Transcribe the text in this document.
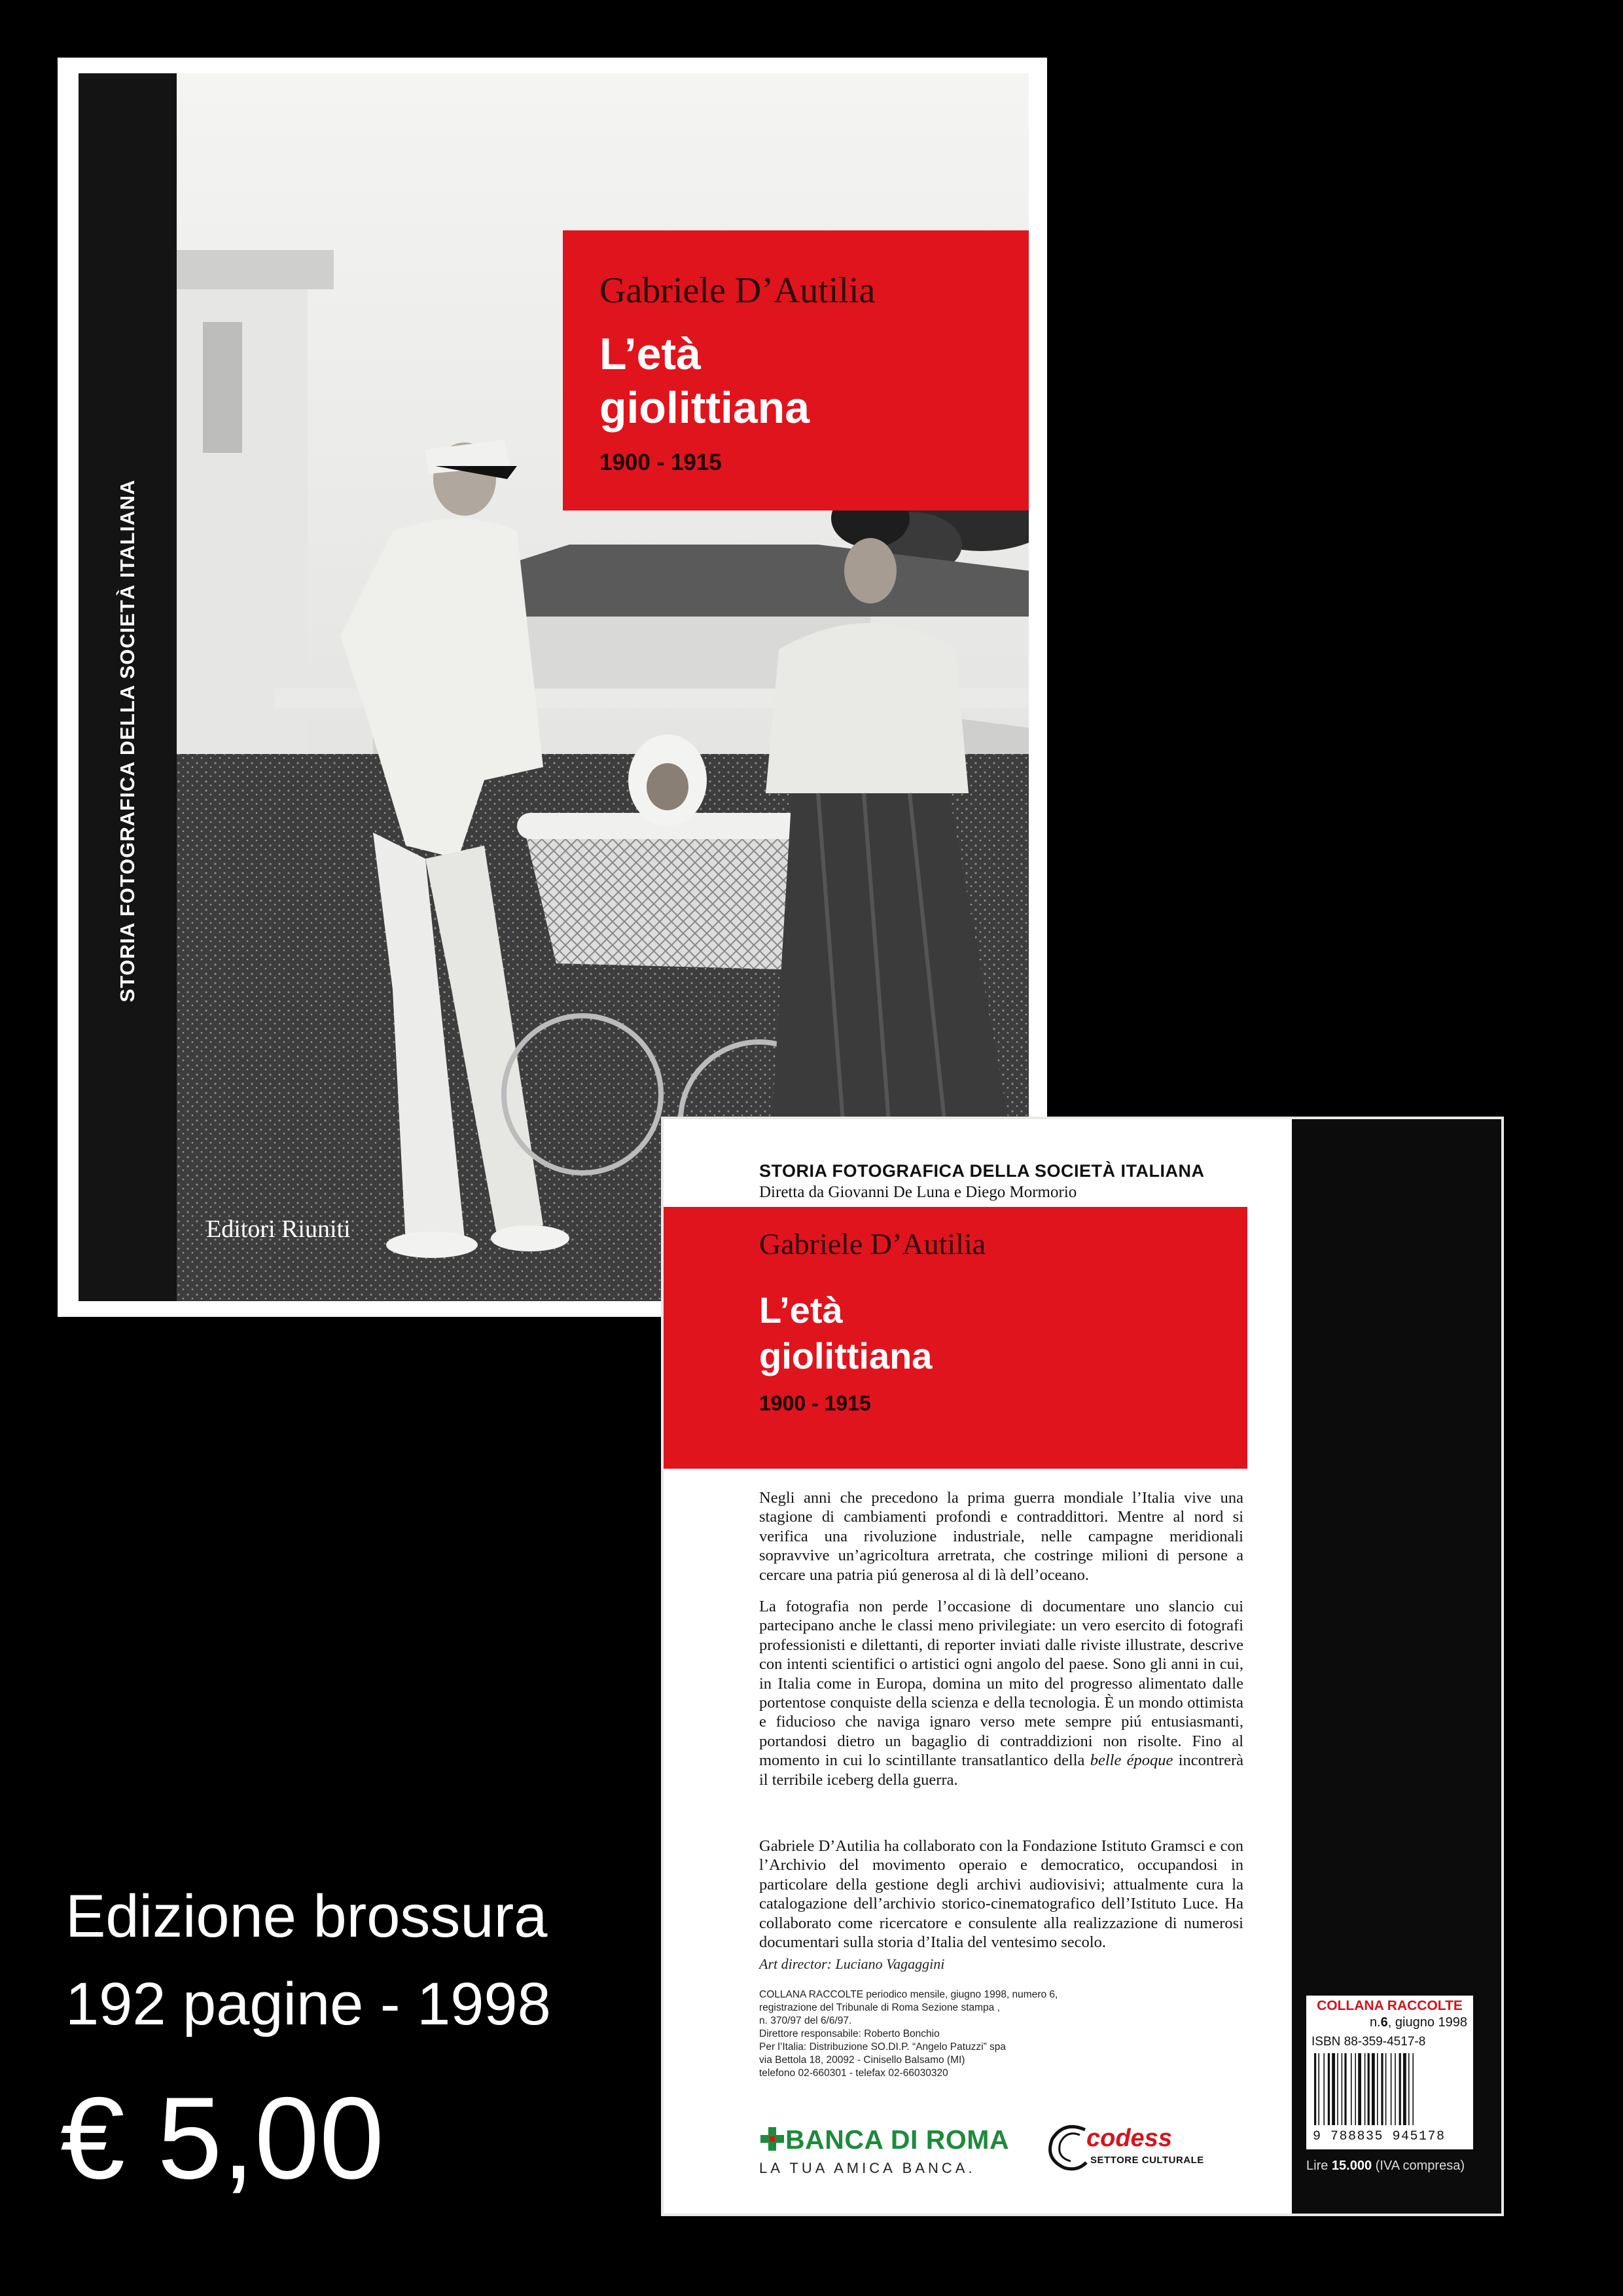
STORIA FOTOGRAFICA DELLA SOCIETÀ ITALIANA
Gabriele D’Autilia
L’età
giolittiana
1900 - 1915
Editori Riuniti
STORIA FOTOGRAFICA DELLA SOCIETÀ ITALIANA
Diretta da Giovanni De Luna e Diego Mormorio
Gabriele D’Autilia
L’età
giolittiana
1900 - 1915

Negli anni che precedono la prima guerra mondiale l’Italia vive una stagione di cambiamenti profondi e contraddittori. Mentre al nord si verifica una rivoluzione industriale, nelle campagne meridionali sopravvive un’agricoltura arretrata, che costringe milioni di persone a cercare una patria piú generosa al di là dell’oceano.

La fotografia non perde l’occasione di documentare uno slancio cui partecipano anche le classi meno privilegiate: un vero esercito di fotografi professionisti e dilettanti, di reporter inviati dalle riviste illustrate, descrive con intenti scientifici o artistici ogni angolo del paese. Sono gli anni in cui, in Italia come in Europa, domina un mito del progresso alimentato dalle portentose conquiste della scienza e della tecnologia. È un mondo ottimista e fiducioso che naviga ignaro verso mete sempre piú entusiasmanti, portandosi dietro un bagaglio di contraddizioni non risolte. Fino al momento in cui lo scintillante transatlantico della belle époque incontrerà il terribile iceberg della guerra.

Gabriele D’Autilia ha collaborato con la Fondazione Istituto Gramsci e con l’Archivio del movimento operaio e democratico, occupandosi in particolare della gestione degli archivi audiovisivi; attualmente cura la catalogazione dell’archivio storico-cinematografico dell’Istituto Luce. Ha collaborato come ricercatore e consulente alla realizzazione di numerosi documentari sulla storia d’Italia del ventesimo secolo.

Art director: Luciano Vagaggini
COLLANA RACCOLTE periodico mensile, giugno 1998, numero 6,
registrazione del Tribunale di Roma Sezione stampa ,
n. 370/97 del 6/6/97.
Direttore responsabile: Roberto Bonchio
Per l’Italia: Distribuzione SO.DI.P. “Angelo Patuzzi” spa
via Bettola 18, 20092 - Cinisello Balsamo (MI)
telefono 02-660301 - telefax 02-66030320
BANCA DI ROMA
LA TUA AMICA BANCA.
codess
SETTORE CULTURALE
COLLANA RACCOLTE
n.6, giugno 1998
ISBN 88-359-4517-8
9 788835 945178
Lire 15.000 (IVA compresa)
Edizione brossura
192 pagine - 1998
€ 5,00
